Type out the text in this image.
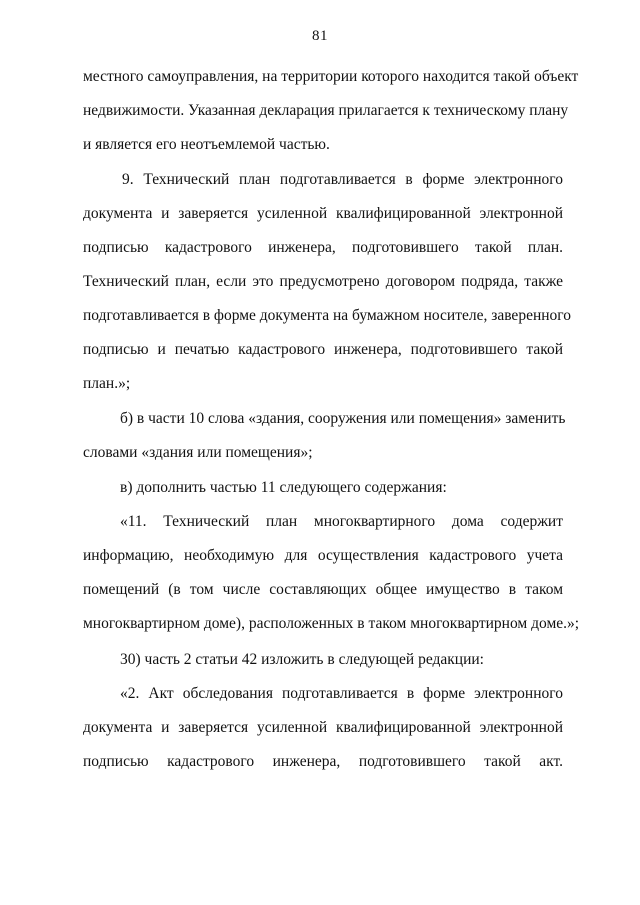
81
местного самоуправления, на территории которого находится такой объект
недвижимости. Указанная декларация прилагается к техническому плану
и является его неотъемлемой частью.
9. Технический план подготавливается в форме электронного
документа и заверяется усиленной квалифицированной электронной
подписью кадастрового инженера, подготовившего такой план.
Технический план, если это предусмотрено договором подряда, также
подготавливается в форме документа на бумажном носителе, заверенного
подписью и печатью кадастрового инженера, подготовившего такой
план.»;
б) в части 10 слова «здания, сооружения или помещения» заменить
словами «здания или помещения»;
в) дополнить частью 11 следующего содержания:
«11. Технический план многоквартирного дома содержит
информацию, необходимую для осуществления кадастрового учета
помещений (в том числе составляющих общее имущество в таком
многоквартирном доме), расположенных в таком многоквартирном доме.»;
30) часть 2 статьи 42 изложить в следующей редакции:
«2. Акт обследования подготавливается в форме электронного
документа и заверяется усиленной квалифицированной электронной
подписью кадастрового инженера, подготовившего такой акт.
